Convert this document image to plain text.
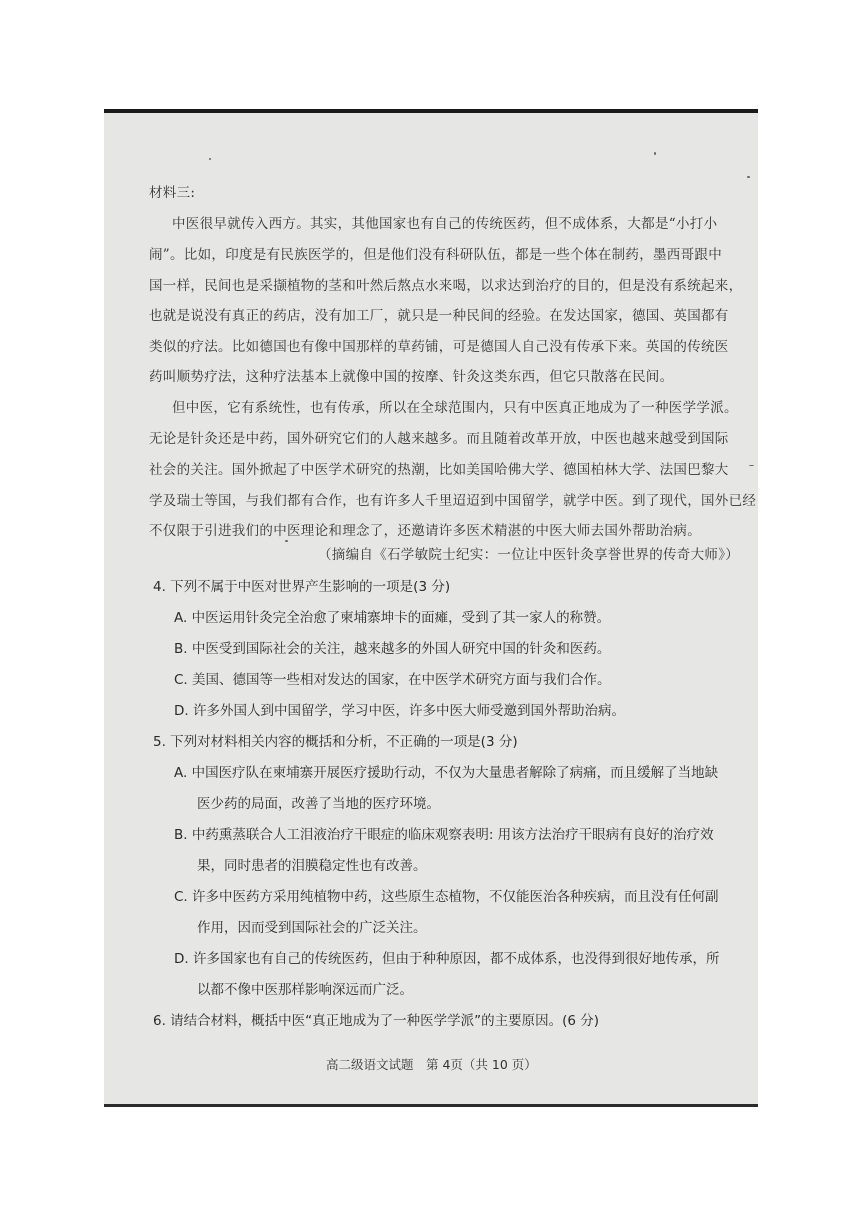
材料三:
中医很早就传入西方。其实，其他国家也有自己的传统医药，但不成体系，大都是“小打小
闹”。比如，印度是有民族医学的，但是他们没有科研队伍，都是一些个体在制药，墨西哥跟中
国一样，民间也是采撷植物的茎和叶然后熬点水来喝，以求达到治疗的目的，但是没有系统起来，
也就是说没有真正的药店，没有加工厂，就只是一种民间的经验。在发达国家，德国、英国都有
类似的疗法。比如德国也有像中国那样的草药铺，可是德国人自己没有传承下来。英国的传统医
药叫顺势疗法，这种疗法基本上就像中国的按摩、针灸这类东西，但它只散落在民间。
但中医，它有系统性，也有传承，所以在全球范围内，只有中医真正地成为了一种医学学派。
无论是针灸还是中药，国外研究它们的人越来越多。而且随着改革开放，中医也越来越受到国际
社会的关注。国外掀起了中医学术研究的热潮，比如美国哈佛大学、德国柏林大学、法国巴黎大
学及瑞士等国，与我们都有合作，也有许多人千里迢迢到中国留学，就学中医。到了现代，国外已经
不仅限于引进我们的中医理论和理念了，还邀请许多医术精湛的中医大师去国外帮助治病。
（摘编自《石学敏院士纪实：一位让中医针灸享誉世界的传奇大师》）
4. 下列不属于中医对世界产生影响的一项是(3 分)
A. 中医运用针灸完全治愈了柬埔寨坤卡的面瘫，受到了其一家人的称赞。
B. 中医受到国际社会的关注，越来越多的外国人研究中国的针灸和医药。
C. 美国、德国等一些相对发达的国家，在中医学术研究方面与我们合作。
D. 许多外国人到中国留学，学习中医，许多中医大师受邀到国外帮助治病。
5. 下列对材料相关内容的概括和分析，不正确的一项是(3 分)
A. 中国医疗队在柬埔寨开展医疗援助行动，不仅为大量患者解除了病痛，而且缓解了当地缺
医少药的局面，改善了当地的医疗环境。
B. 中药熏蒸联合人工泪液治疗干眼症的临床观察表明: 用该方法治疗干眼病有良好的治疗效
果，同时患者的泪膜稳定性也有改善。
C. 许多中医药方采用纯植物中药，这些原生态植物，不仅能医治各种疾病，而且没有任何副
作用，因而受到国际社会的广泛关注。
D. 许多国家也有自己的传统医药，但由于种种原因，都不成体系，也没得到很好地传承，所
以都不像中医那样影响深远而广泛。
6. 请结合材料，概括中医“真正地成为了一种医学学派”的主要原因。(6 分)
高二级语文试题　第 4页（共 10 页）
